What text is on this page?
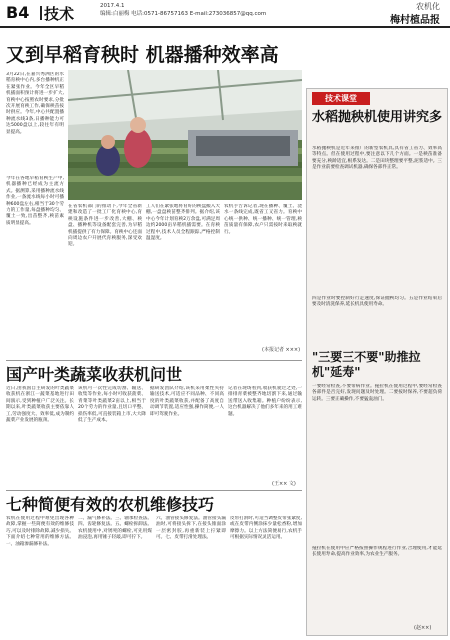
B4 技术	2017.4.1
编辑:白丽梅 电话:0571-86757163 E-mail:273036857@qq.com
农机化
梅村植品报
又到早稻育秧时 机器播种效率高
3月22日,在嘉兴秀洲区的水稻育秧中心内,多台播种机正在紧张作业。今年全区早稻机插面积预计将进一步扩大,育秧中心按照农时要求,分批次开展育秧工作,确保秧苗按时供应。今年,中心共配置播种流水线3条,日播种能力可达5000盘以上,较往年有明显提高。
今年在各地早稻育秧生产中,机器播种已经成为主流方式。据测算,采用播种流水线作业,一条流水线每小时可播种600盘左右,相当于30个劳力的工作量,每盘播种均匀、覆土一致,出苗整齐,秧苗素质明显提高。
在省农机部门的推动下,今年全省新建和改造了一批工厂化育秧中心,育秧设施条件进一步改善,大棚、秧盘、播种机等设备配套完善,为早稻机插提供了有力保障。育秧中心还面向周边农户开展代育秧服务,深受欢迎。
工人们在紧张地将育好的秧盘搬入大棚,一盘盘秧苗整齐排列。据介绍,该中心今年计划育秧2万余盘,可满足周边约2000亩早稻机插需要。在育秧过程中,技术人员全程跟踪,严格控制温湿度。
农机手告诉记者,现在播种、覆土、浇水一条线完成,既省工又省力。育秧中心统一供种、统一播种、统一管理,秧苗质量有保障,农户只需按时来取秧就行。
(本报记者 ×××)
国产叶类蔬菜收获机问世
近日,由我国自主研发的叶类蔬菜收获机在浙江一蔬菜基地进行田间演示,受到种植户广泛关注。长期以来,叶类蔬菜收获主要依靠人工,劳动强度大、效率低,成为制约蔬菜产业发展的瓶颈。
该机可一次性完成切割、输送、收集等作业,每小时可收获菠菜、青菜等叶类蔬菜2亩以上,相当于20个劳力的作业量,且切口平整、损伤率低,可直接装箱上市,大大降低了生产成本。
据研发团队介绍,该机采用柔性夹持输送技术,可适应不同品种、不同高度的叶类蔬菜收获,并配备了高度自动调节装置,适应性强,操作简便,一人即可驾驶作业。
记者在现场看到,收获机驶过之处,一排排青菜被整齐地切割下来,通过输送带送入收集箱。种植户纷纷表示,这台机器解决了他们多年来的用工难题。
(王×× 文)
七种简便有效的农机维修技巧
农机在使用过程中难免出现各种故障,掌握一些简便有效的维修技巧,可以及时排除故障,减少损失。下面介绍七种常用的维修方法。一、油箱渗漏修补法。
二、漏气修补法。三、轴承检查法。四、齿轮修复法。五、螺栓拆卸法。农机使用中,对锈死的螺栓,可先用煤油浸泡,再用锤子轻敲,即可拧下。
六、油管接头修复法。油管接头漏油时,可将接头拆下,在接头锥面涂一层密封胶,再重新装上拧紧即可。七、皮带打滑处理法。
皮带打滑时,可适当调整皮带张紧度,或在皮带内侧涂抹少量松香粉,增加摩擦力。以上方法简便易行,农机手可根据实际情况灵活运用。
技术课堂
水稻抛秧机使用讲究多
水稻抛秧机是近年来推广的新型农机具,具有省工省力、效率高等特点。但在使用过程中,要注意以下几个方面。一是秧苗准备要充分,秧龄适宜,根系发达。二是田块整理要平整,泥浆适中。三是作业前要检查调试机器,确保各部件正常。
四是作业时要控制好行走速度,保证抛秧均匀。五是作业结束后要及时清洗保养,延长机具使用寿命。
"三要三不要"助推拉机"延寿"
一要经常检查,不要带病作业。拖拉机在使用过程中,要经常检查各部件是否完好,发现问题及时处理。二要按时保养,不要超负荷运转。三要正确操作,不要猛轰油门。
拖拉机在使用中应严格按照操作规程进行作业,合理使用,才能延长使用寿命,提高作业效率,为农业生产服务。
(赵××)
